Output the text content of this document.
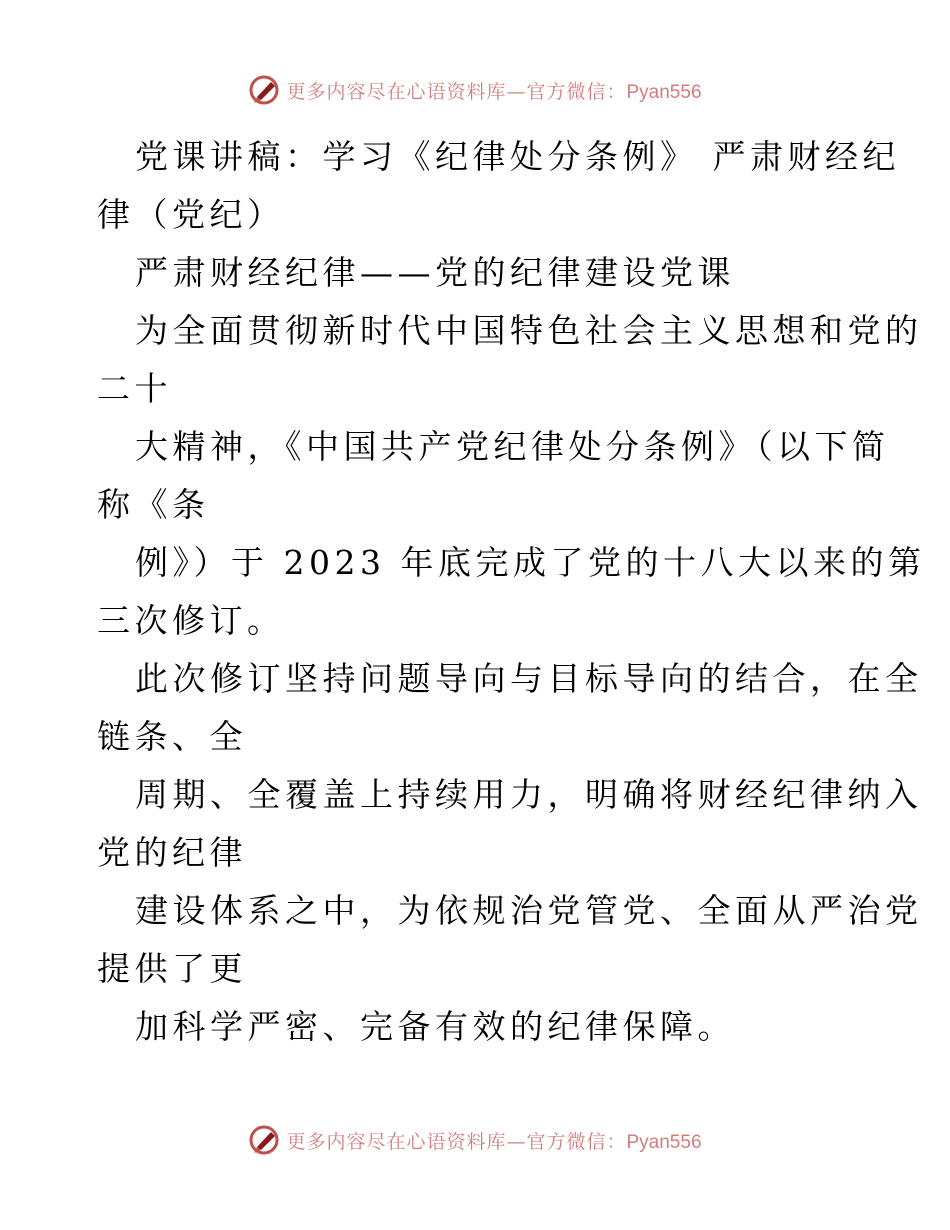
更多内容尽在心语资料库—官方微信：Pyan556
党课讲稿：学习《纪律处分条例》 严肃财经纪
律（党纪）
严肃财经纪律——党的纪律建设党课
为全面贯彻新时代中国特色社会主义思想和党的
二十
大精神，《中国共产党纪律处分条例》（以下简
称《条
例》）于 2023 年底完成了党的十八大以来的第
三次修订。
此次修订坚持问题导向与目标导向的结合，在全
链条、全
周期、全覆盖上持续用力，明确将财经纪律纳入
党的纪律
建设体系之中，为依规治党管党、全面从严治党
提供了更
加科学严密、完备有效的纪律保障。
更多内容尽在心语资料库—官方微信：Pyan556
